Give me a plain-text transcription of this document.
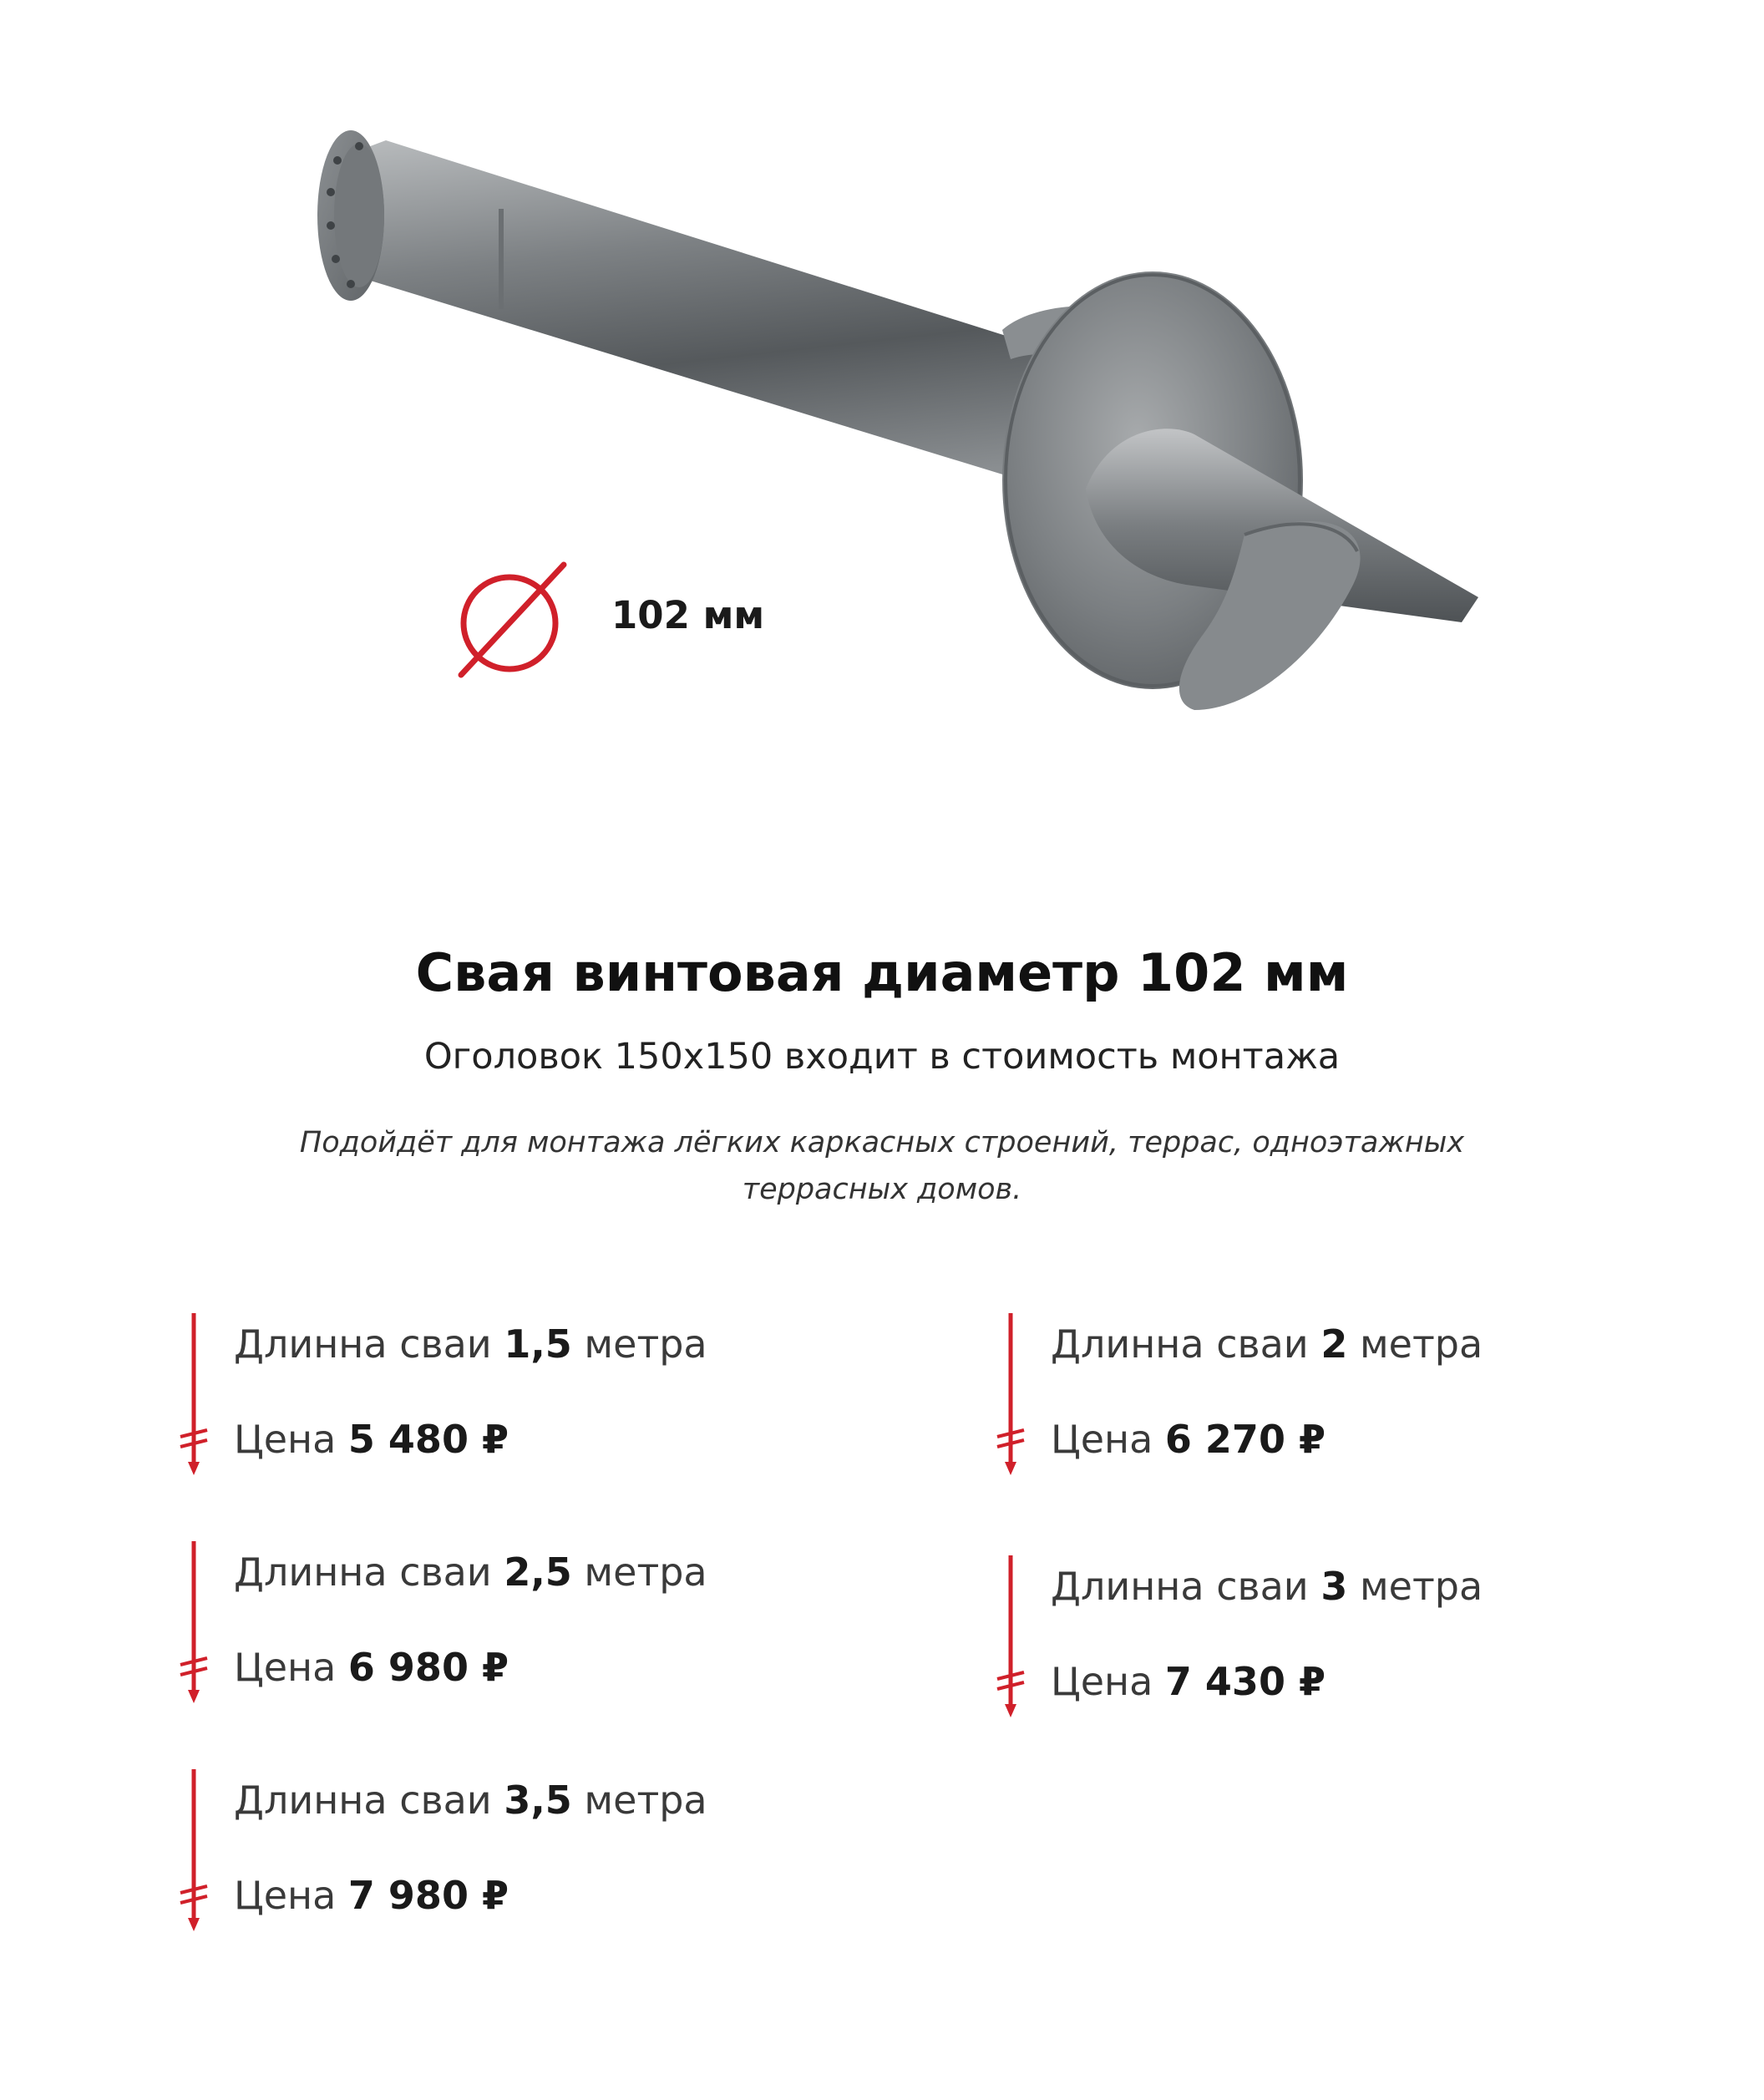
102 мм
Свая винтовая диаметр 102 мм
Оголовок 150х150 входит в стоимость монтажа
Подойдёт для монтажа лёгких каркасных строений, террас, одноэтажных террасных домов.
Длинна сваи 1,5 метра
Цена 5 480 ₽
Длинна сваи 2 метра
Цена 6 270 ₽
Длинна сваи 2,5 метра
Цена 6 980 ₽
Длинна сваи 3 метра
Цена 7 430 ₽
Длинна сваи 3,5 метра
Цена 7 980 ₽
